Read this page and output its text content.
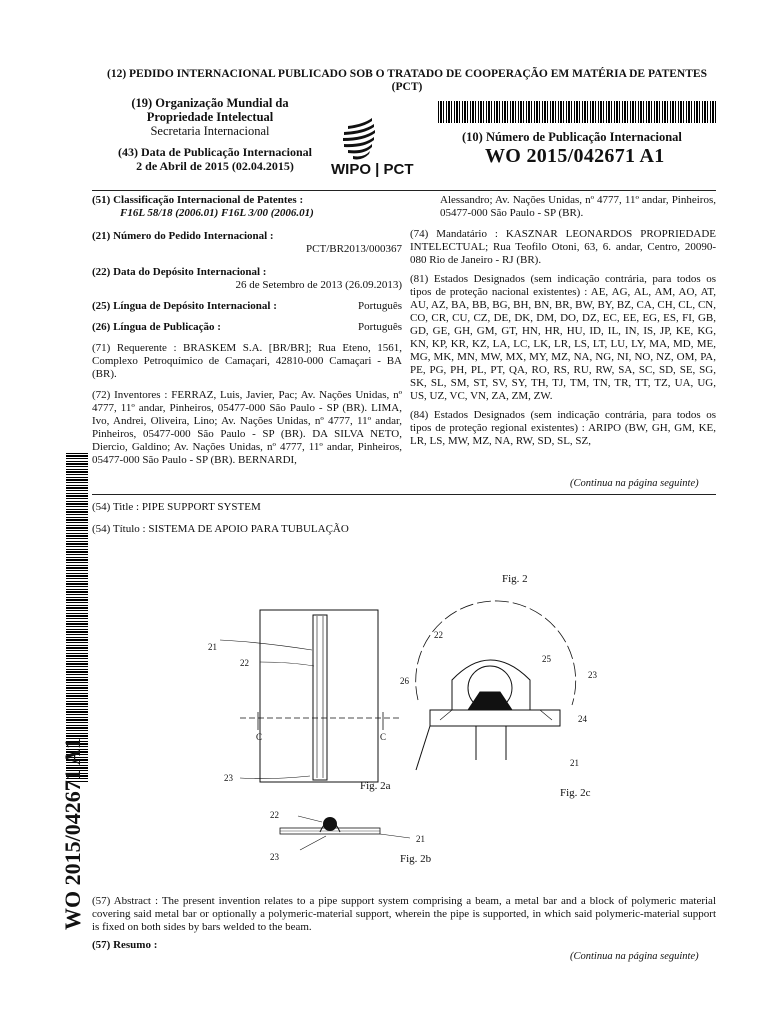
(12) PEDIDO INTERNACIONAL PUBLICADO SOB O TRATADO DE COOPERAÇÃO EM MATÉRIA DE PATENTES
(PCT)
(19) Organização Mundial da
Propriedade Intelectual
Secretaria Internacional
(43) Data de Publicação Internacional
2 de Abril de 2015 (02.04.2015)	WIPO | PCT
(10) Número de Publicação Internacional
WO 2015/042671 A1
(51) Classificação Internacional de Patentes :
F16L 58/18 (2006.01) F16L 3/00 (2006.01)
(21) Número do Pedido Internacional :
PCT/BR2013/000367
(22) Data do Depósito Internacional :
26 de Setembro de 2013 (26.09.2013)
(25) Língua de Depósito Internacional :	Português
(26) Língua de Publicação :	Português
(71) Requerente : BRASKEM S.A. [BR/BR]; Rua Eteno, 1561, Complexo Petroquímico de Camaçari, 42810-000 Camaçari - BA (BR).
(72) Inventores : FERRAZ, Luis, Javier, Pac; Av. Nações Unidas, nº 4777, 11º andar, Pinheiros, 05477-000 São Paulo - SP (BR). LIMA, Ivo, Andrei, Oliveira, Lino; Av. Nações Unidas, nº 4777, 11º andar, Pinheiros, 05477-000 São Paulo - SP (BR). DA SILVA NETO, Diercio, Galdino; Av. Nações Unidas, nº 4777, 11º andar, Pinheiros, 05477-000 São Paulo - SP (BR). BERNARDI,
Alessandro; Av. Nações Unidas, nº 4777, 11º andar, Pinheiros, 05477-000 São Paulo - SP (BR).
(74) Mandatário : KASZNAR LEONARDOS PROPRIEDADE INTELECTUAL; Rua Teofilo Otoni, 63, 6. andar, Centro, 20090-080 Rio de Janeiro - RJ (BR).
(81) Estados Designados (sem indicação contrária, para todos os tipos de proteção nacional existentes) : AE, AG, AL, AM, AO, AT, AU, AZ, BA, BB, BG, BH, BN, BR, BW, BY, BZ, CA, CH, CL, CN, CO, CR, CU, CZ, DE, DK, DM, DO, DZ, EC, EE, EG, ES, FI, GB, GD, GE, GH, GM, GT, HN, HR, HU, ID, IL, IN, IS, JP, KE, KG, KN, KP, KR, KZ, LA, LC, LK, LR, LS, LT, LU, LY, MA, MD, ME, MG, MK, MN, MW, MX, MY, MZ, NA, NG, NI, NO, NZ, OM, PA, PE, PG, PH, PL, PT, QA, RO, RS, RU, RW, SA, SC, SD, SE, SG, SK, SL, SM, ST, SV, SY, TH, TJ, TM, TN, TR, TT, TZ, UA, UG, US, UZ, VC, VN, ZA, ZM, ZW.
(84) Estados Designados (sem indicação contrária, para todos os tipos de proteção regional existentes) : ARIPO (BW, GH, GM, KE, LR, LS, MW, MZ, NA, RW, SD, SL, SZ,
(Continua na página seguinte)
(54) Title : PIPE SUPPORT SYSTEM
(54) Título : SISTEMA DE APOIO PARA TUBULAÇÃO
Fig. 2
21
22
C	C
23
Fig. 2a
22
25
23
26
24
21
Fig. 2c
22
21
23	Fig. 2b
(57) Abstract : The present invention relates to a pipe support system comprising a beam, a metal bar and a block of polymeric material covering said metal bar or optionally a polymeric-material support, wherein the pipe is supported, in which said polymeric-material support is fixed on both sides by bars welded to the beam.
(57) Resumo :
(Continua na página seguinte)
WO 2015/042671 A1
